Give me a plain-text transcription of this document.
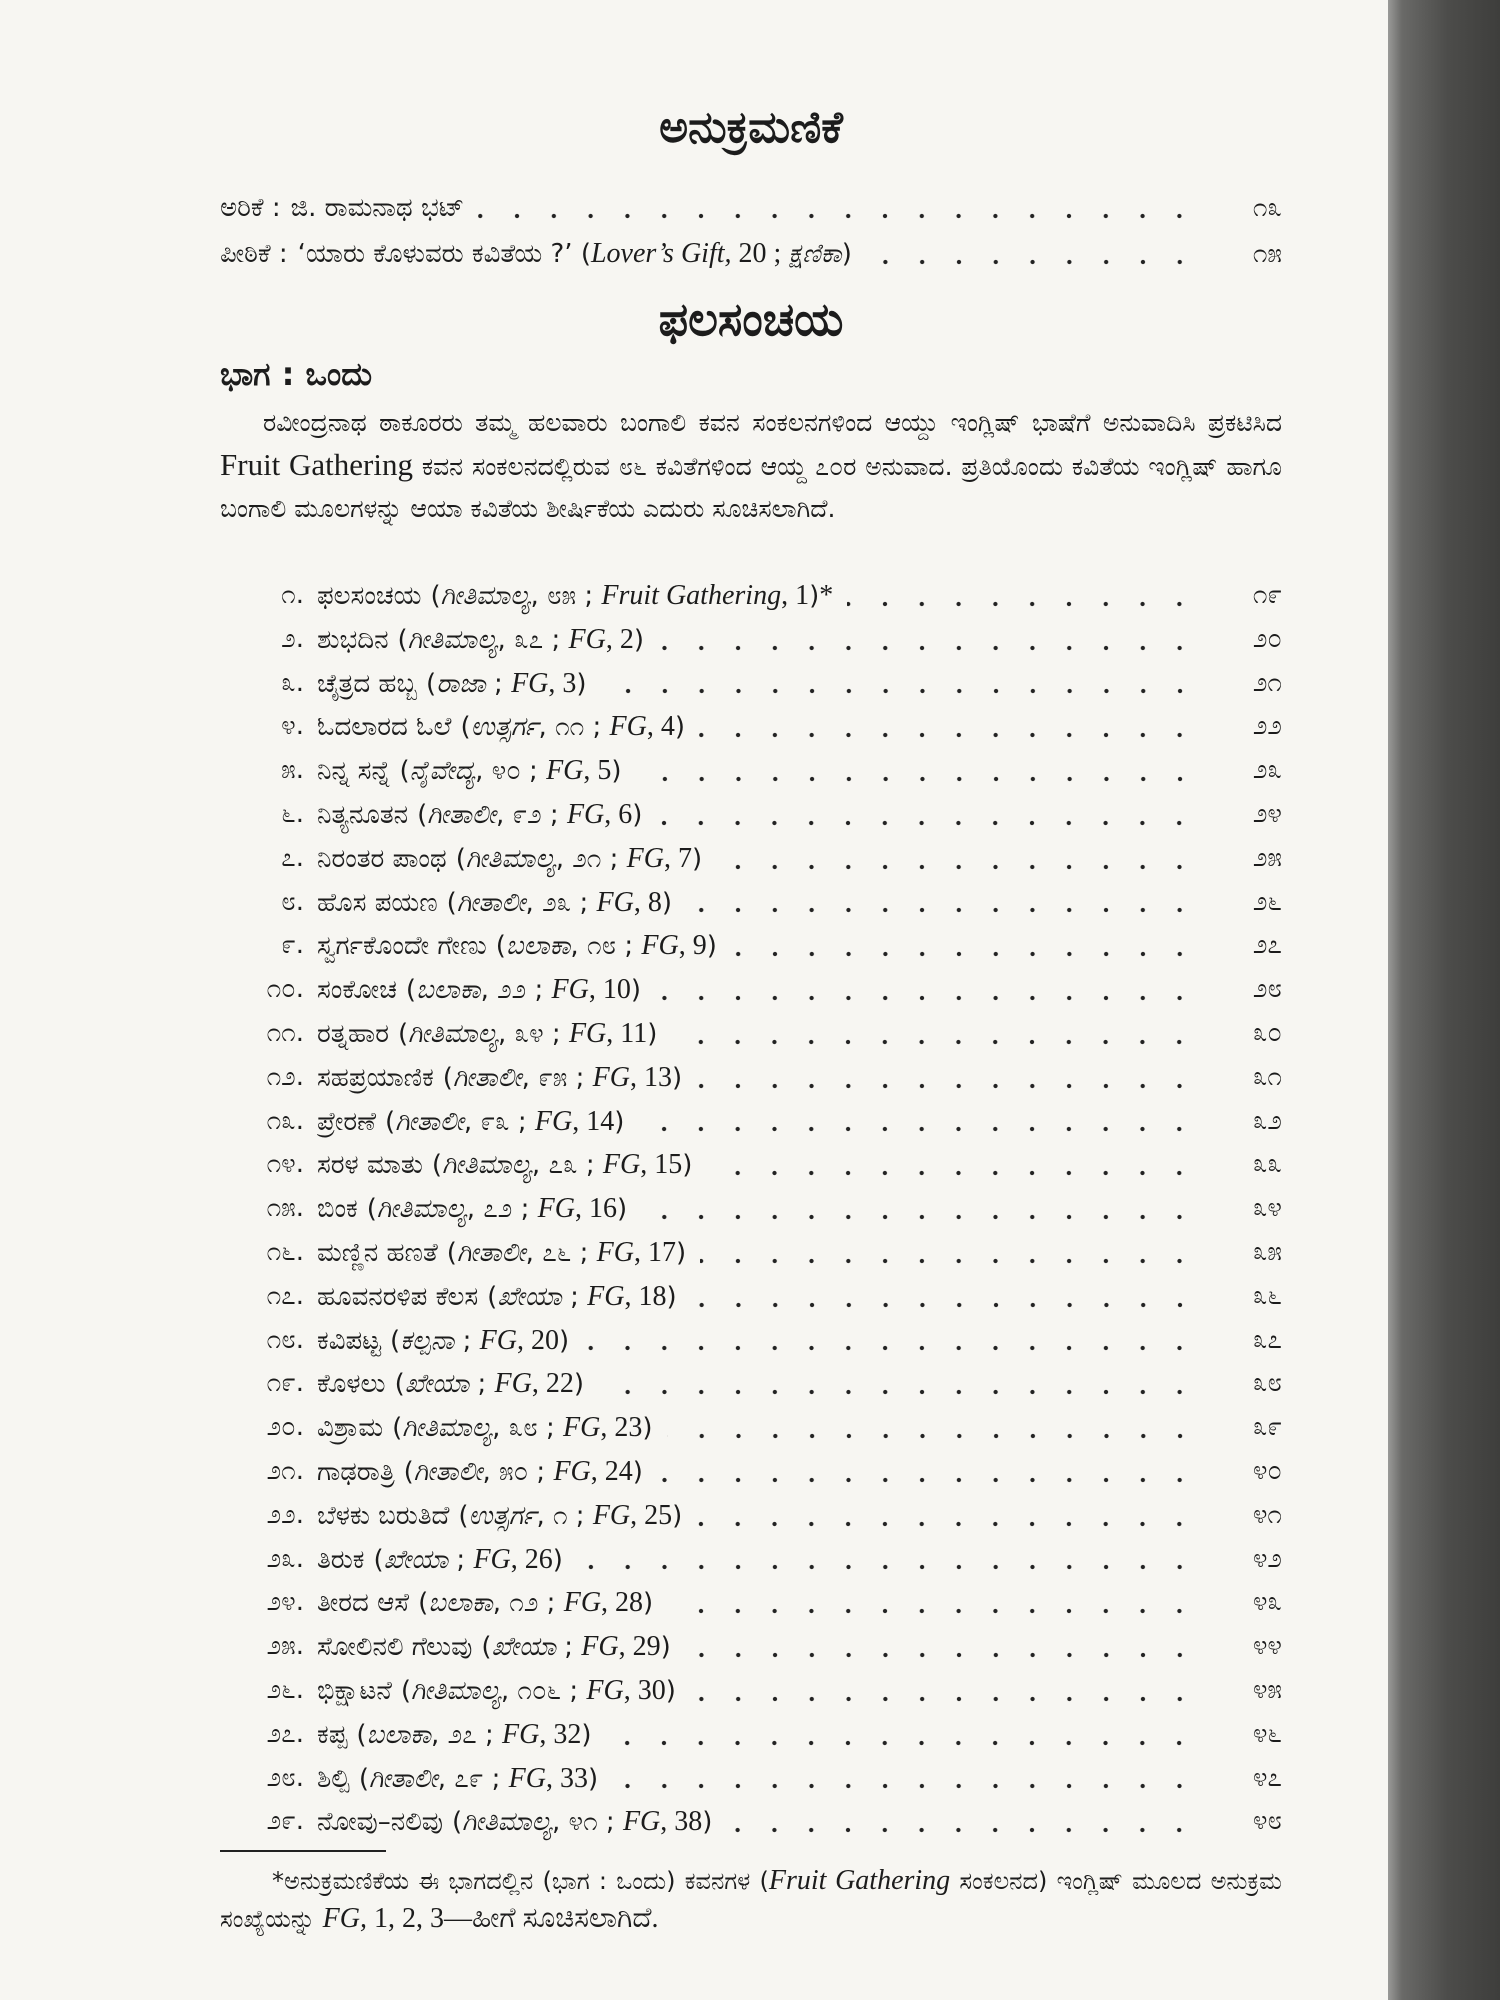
ಅನುಕ್ರಮಣಿಕೆ
ಅರಿಕೆ : ಜಿ. ರಾಮನಾಥ ಭಟ್	೧೩
ಪೀಠಿಕೆ : ‘ಯಾರು ಕೊಳುವರು ಕವಿತೆಯ ?’ (Lover’s Gift, 20 ; ಕ್ಷಣಿಕಾ)	೧೫
ಫಲಸಂಚಯ
ಭಾಗ : ಒಂದು

ರವೀಂದ್ರನಾಥ ಠಾಕೂರರು ತಮ್ಮ ಹಲವಾರು ಬಂಗಾಲಿ ಕವನ ಸಂಕಲನಗಳಿಂದ ಆಯ್ದು ಇಂಗ್ಲಿಷ್ ಭಾಷೆಗೆ ಅನುವಾದಿಸಿ ಪ್ರಕಟಿಸಿದ Fruit Gathering ಕವನ ಸಂಕಲನದಲ್ಲಿರುವ ೮೬ ಕವಿತೆಗಳಿಂದ ಆಯ್ದ ೭೦ರ ಅನುವಾದ. ಪ್ರತಿಯೊಂದು ಕವಿತೆಯ ಇಂಗ್ಲಿಷ್ ಹಾಗೂ ಬಂಗಾಲಿ ಮೂಲಗಳನ್ನು ಆಯಾ ಕವಿತೆಯ ಶೀರ್ಷಿಕೆಯ ಎದುರು ಸೂಚಿಸಲಾಗಿದೆ.

೧. ಫಲಸಂಚಯ (ಗೀತಿಮಾಲ್ಯ, ೮೫ ; Fruit Gathering, 1)*	೧೯
೨. ಶುಭದಿನ (ಗೀತಿಮಾಲ್ಯ, ೩೭ ; FG, 2)	೨೦
೩. ಚೈತ್ರದ ಹಬ್ಬ (ರಾಜಾ ; FG, 3)	೨೧
೪. ಓದಲಾರದ ಓಲೆ (ಉತ್ಸರ್ಗ, ೧೧ ; FG, 4)	೨೨
೫. ನಿನ್ನ ಸನ್ನೆ (ನೈವೇದ್ಯ, ೪೦ ; FG, 5)	೨೩
೬. ನಿತ್ಯನೂತನ (ಗೀತಾಲೀ, ೯೨ ; FG, 6)	೨೪
೭. ನಿರಂತರ ಪಾಂಥ (ಗೀತಿಮಾಲ್ಯ, ೨೧ ; FG, 7)	೨೫
೮. ಹೊಸ ಪಯಣ (ಗೀತಾಲೀ, ೨೩ ; FG, 8)	೨೬
೯. ಸ್ವರ್ಗಕೊಂದೇ ಗೇಣು (ಬಲಾಕಾ, ೧೮ ; FG, 9)	೨೭
೧೦. ಸಂಕೋಚ (ಬಲಾಕಾ, ೨೨ ; FG, 10)	೨೮
೧೧. ರತ್ನಹಾರ (ಗೀತಿಮಾಲ್ಯ, ೩೪ ; FG, 11)	೩೦
೧೨. ಸಹಪ್ರಯಾಣಿಕ (ಗೀತಾಲೀ, ೯೫ ; FG, 13)	೩೧
೧೩. ಪ್ರೇರಣೆ (ಗೀತಾಲೀ, ೯೩ ; FG, 14)	೩೨
೧೪. ಸರಳ ಮಾತು (ಗೀತಿಮಾಲ್ಯ, ೭೩ ; FG, 15)	೩೩
೧೫. ಬಿಂಕ (ಗೀತಿಮಾಲ್ಯ, ೭೨ ; FG, 16)	೩೪
೧೬. ಮಣ್ಣಿನ ಹಣತೆ (ಗೀತಾಲೀ, ೭೬ ; FG, 17)	೩೫
೧೭. ಹೂವನರಳಿಪ ಕೆಲಸ (ಖೇಯಾ ; FG, 18)	೩೬
೧೮. ಕವಿಪಟ್ಟ (ಕಲ್ಪನಾ ; FG, 20)	೩೭
೧೯. ಕೊಳಲು (ಖೇಯಾ ; FG, 22)	೩೮
೨೦. ವಿಶ್ರಾಮ (ಗೀತಿಮಾಲ್ಯ, ೩೮ ; FG, 23)	೩೯
೨೧. ಗಾಢರಾತ್ರಿ (ಗೀತಾಲೀ, ೫೦ ; FG, 24)	೪೦
೨೨. ಬೆಳಕು ಬರುತಿದೆ (ಉತ್ಸರ್ಗ, ೧ ; FG, 25)	೪೧
೨೩. ತಿರುಕ (ಖೇಯಾ ; FG, 26)	೪೨
೨೪. ತೀರದ ಆಸೆ (ಬಲಾಕಾ, ೧೨ ; FG, 28)	೪೩
೨೫. ಸೋಲಿನಲಿ ಗೆಲುವು (ಖೇಯಾ ; FG, 29)	೪೪
೨೬. ಭಿಕ್ಷಾಟನೆ (ಗೀತಿಮಾಲ್ಯ, ೧೦೬ ; FG, 30)	೪೫
೨೭. ಕಪ್ಪ (ಬಲಾಕಾ, ೨೭ ; FG, 32)	೪೬
೨೮. ಶಿಲ್ಪಿ (ಗೀತಾಲೀ, ೭೯ ; FG, 33)	೪೭
೨೯. ನೋವು–ನಲಿವು (ಗೀತಿಮಾಲ್ಯ, ೪೧ ; FG, 38)	೪೮

*ಅನುಕ್ರಮಣಿಕೆಯ ಈ ಭಾಗದಲ್ಲಿನ (ಭಾಗ : ಒಂದು) ಕವನಗಳ (Fruit Gathering ಸಂಕಲನದ) ಇಂಗ್ಲಿಷ್ ಮೂಲದ ಅನುಕ್ರಮ ಸಂಖ್ಯೆಯನ್ನು FG, 1, 2, 3—ಹೀಗೆ ಸೂಚಿಸಲಾಗಿದೆ.
